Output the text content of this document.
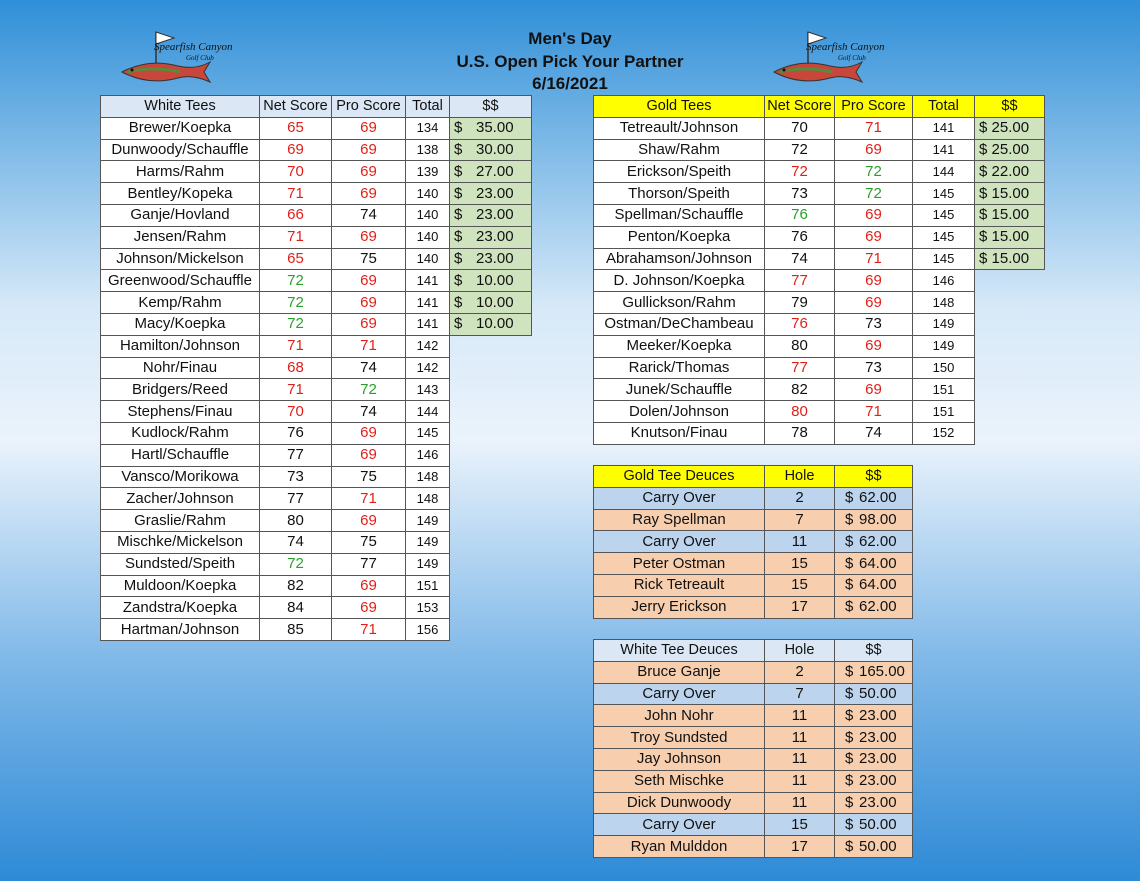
Men's Day
U.S. Open Pick Your Partner
6/16/2021
Spearfish Canyon
Golf Club
Spearfish Canyon
Golf Club
White Tees	Net Score	Pro Score	Total	$$
Brewer/Koepka	65	69	134	$ 35.00
Dunwoody/Schauffle	69	69	138	$ 30.00
Harms/Rahm	70	69	139	$ 27.00
Bentley/Kopeka	71	69	140	$ 23.00
Ganje/Hovland	66	74	140	$ 23.00
Jensen/Rahm	71	69	140	$ 23.00
Johnson/Mickelson	65	75	140	$ 23.00
Greenwood/Schauffle	72	69	141	$ 10.00
Kemp/Rahm	72	69	141	$ 10.00
Macy/Koepka	72	69	141	$ 10.00
Hamilton/Johnson	71	71	142	
Nohr/Finau	68	74	142	
Bridgers/Reed	71	72	143	
Stephens/Finau	70	74	144	
Kudlock/Rahm	76	69	145	
Hartl/Schauffle	77	69	146	
Vansco/Morikowa	73	75	148	
Zacher/Johnson	77	71	148	
Graslie/Rahm	80	69	149	
Mischke/Mickelson	74	75	149	
Sundsted/Speith	72	77	149	
Muldoon/Koepka	82	69	151	
Zandstra/Koepka	84	69	153	
Hartman/Johnson	85	71	156	
Gold Tees	Net Score	Pro Score	Total	$$
Tetreault/Johnson	70	71	141	$ 25.00
Shaw/Rahm	72	69	141	$ 25.00
Erickson/Speith	72	72	144	$ 22.00
Thorson/Speith	73	72	145	$ 15.00
Spellman/Schauffle	76	69	145	$ 15.00
Penton/Koepka	76	69	145	$ 15.00
Abrahamson/Johnson	74	71	145	$ 15.00
D. Johnson/Koepka	77	69	146	
Gullickson/Rahm	79	69	148	
Ostman/DeChambeau	76	73	149	
Meeker/Koepka	80	69	149	
Rarick/Thomas	77	73	150	
Junek/Schauffle	82	69	151	
Dolen/Johnson	80	71	151	
Knutson/Finau	78	74	152	
Gold Tee Deuces	Hole	$$
Carry Over	2	$ 62.00
Ray Spellman	7	$ 98.00
Carry Over	11	$ 62.00
Peter Ostman	15	$ 64.00
Rick Tetreault	15	$ 64.00
Jerry Erickson	17	$ 62.00
White Tee Deuces	Hole	$$
Bruce Ganje	2	$ 165.00
Carry Over	7	$ 50.00
John Nohr	11	$ 23.00
Troy Sundsted	11	$ 23.00
Jay Johnson	11	$ 23.00
Seth Mischke	11	$ 23.00
Dick Dunwoody	11	$ 23.00
Carry Over	15	$ 50.00
Ryan Mulddon	17	$ 50.00
